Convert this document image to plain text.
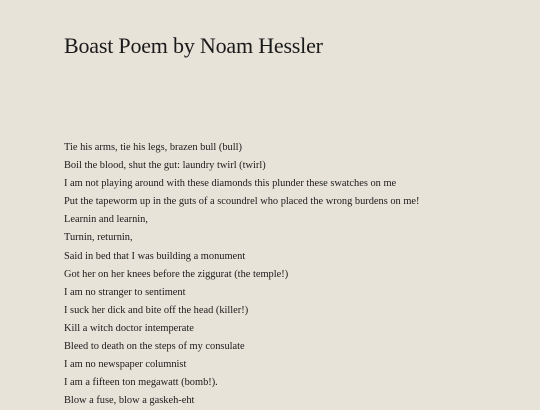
Boast Poem by Noam Hessler
Tie his arms, tie his legs, brazen bull (bull)
Boil the blood, shut the gut: laundry twirl (twirl)
I am not playing around with these diamonds this plunder these swatches on me
Put the tapeworm up in the guts of a scoundrel who placed the wrong burdens on me!
Learnin and learnin,
Turnin, returnin,
Said in bed that I was building a monument
Got her on her knees before the ziggurat (the temple!)
I am no stranger to sentiment
I suck her dick and bite off the head (killer!)
Kill a witch doctor intemperate
Bleed to death on the steps of my consulate
I am no newspaper columnist
I am a fifteen ton megawatt (bomb!).
Blow a fuse, blow a gaskeh-eht
